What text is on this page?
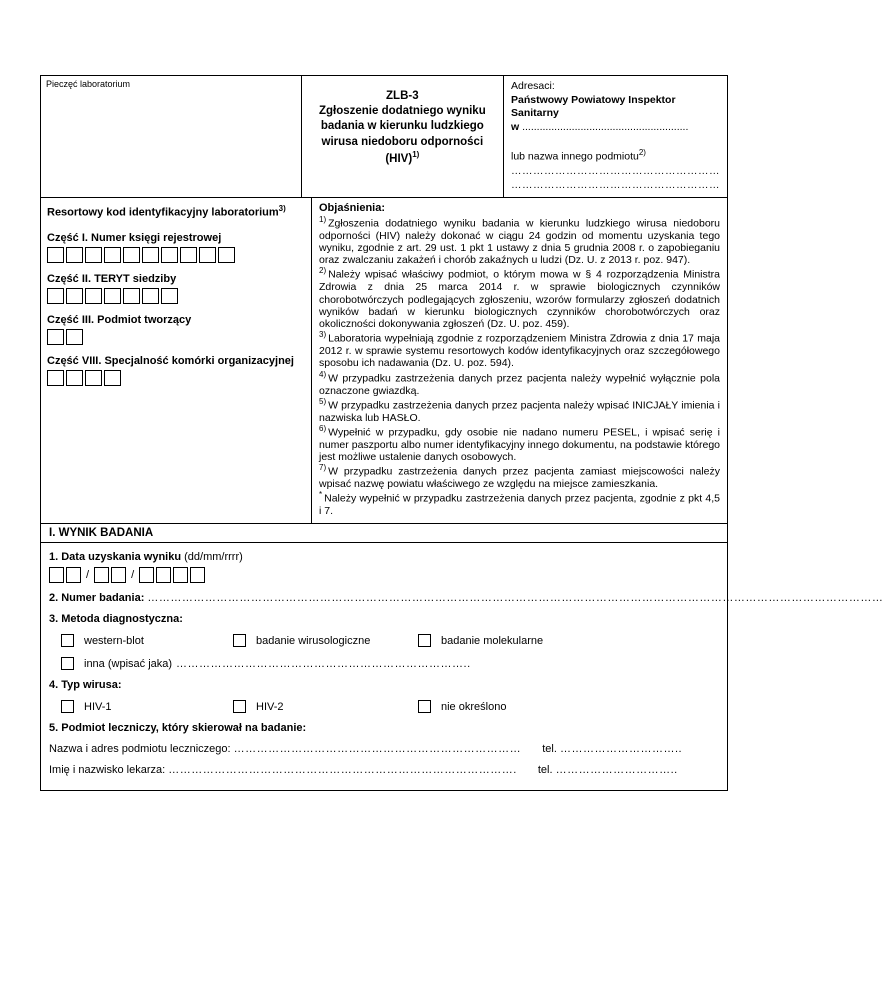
Pieczęć laboratorium
ZLB-3
Zgłoszenie dodatniego wyniku badania w kierunku ludzkiego wirusa niedoboru odporności (HIV)$^{1)}$
Adresaci:
Państwowy Powiatowy Inspektor Sanitarny
w .........................................................
lub nazwa innego podmiotu$^{2)}$
…………………………………………………
…………………………………………………
Resortowy kod identyfikacyjny laboratorium$^{3)}$
Część I. Numer księgi rejestrowej
Część II. TERYT siedziby
Część III. Podmiot tworzący
Część VIII. Specjalność komórki organizacyjnej
Objaśnienia:

$^{1)}$ Zgłoszenia dodatniego wyniku badania w kierunku ludzkiego wirusa niedoboru odporności (HIV) należy dokonać w ciągu 24 godzin od momentu uzyskania tego wyniku, zgodnie z art. 29 ust. 1 pkt 1 ustawy z dnia 5 grudnia 2008 r. o zapobieganiu oraz zwalczaniu zakażeń i chorób zakaźnych u ludzi (Dz. U. z 2013 r. poz. 947).

$^{2)}$ Należy wpisać właściwy podmiot, o którym mowa w § 4 rozporządzenia Ministra Zdrowia z dnia 25 marca 2014 r. w sprawie biologicznych czynników chorobotwórczych podlegających zgłoszeniu, wzorów formularzy zgłoszeń dodatnich wyników badań w kierunku biologicznych czynników chorobotwórczych oraz okoliczności dokonywania zgłoszeń (Dz. U. poz. 459).

$^{3)}$ Laboratoria wypełniają zgodnie z rozporządzeniem Ministra Zdrowia z dnia 17 maja 2012 r. w sprawie systemu resortowych kodów identyfikacyjnych oraz szczegółowego sposobu ich nadawania (Dz. U. poz. 594).

$^{4)}$ W przypadku zastrzeżenia danych przez pacjenta należy wypełnić wyłącznie pola oznaczone gwiazdką.

$^{5)}$ W przypadku zastrzeżenia danych przez pacjenta należy wpisać INICJAŁY imienia i nazwiska lub HASŁO.

$^{6)}$ Wypełnić w przypadku, gdy osobie nie nadano numeru PESEL, i wpisać serię i numer paszportu albo numer identyfikacyjny innego dokumentu, na podstawie którego jest możliwe ustalenie danych osobowych.

$^{7)}$ W przypadku zastrzeżenia danych przez pacjenta zamiast miejscowości należy wpisać nazwę powiatu właściwego ze względu na miejsce zamieszkania.

* Należy wypełnić w przypadku zastrzeżenia danych przez pacjenta, zgodnie z pkt 4,5 i 7.

I. WYNIK BADANIA
1. Data uzyskania wyniku (dd/mm/rrrr)
/	/
2. Numer badania: …………………………………………………………………………………………………………………………………………………………………………
3. Metoda diagnostyczna:
western-blot	badanie wirusologiczne	badanie molekularne
inna (wpisać jaka) …………………………………………………………………..
4. Typ wirusa:
HIV-1	HIV-2	nie określono
5. Podmiot leczniczy, który skierował na badanie:
Nazwa i adres podmiotu leczniczego: ………………………………………………………………… tel. …………………………..
Imię i nazwisko lekarza: ………………………………………………………………………………. tel. …………………………..
